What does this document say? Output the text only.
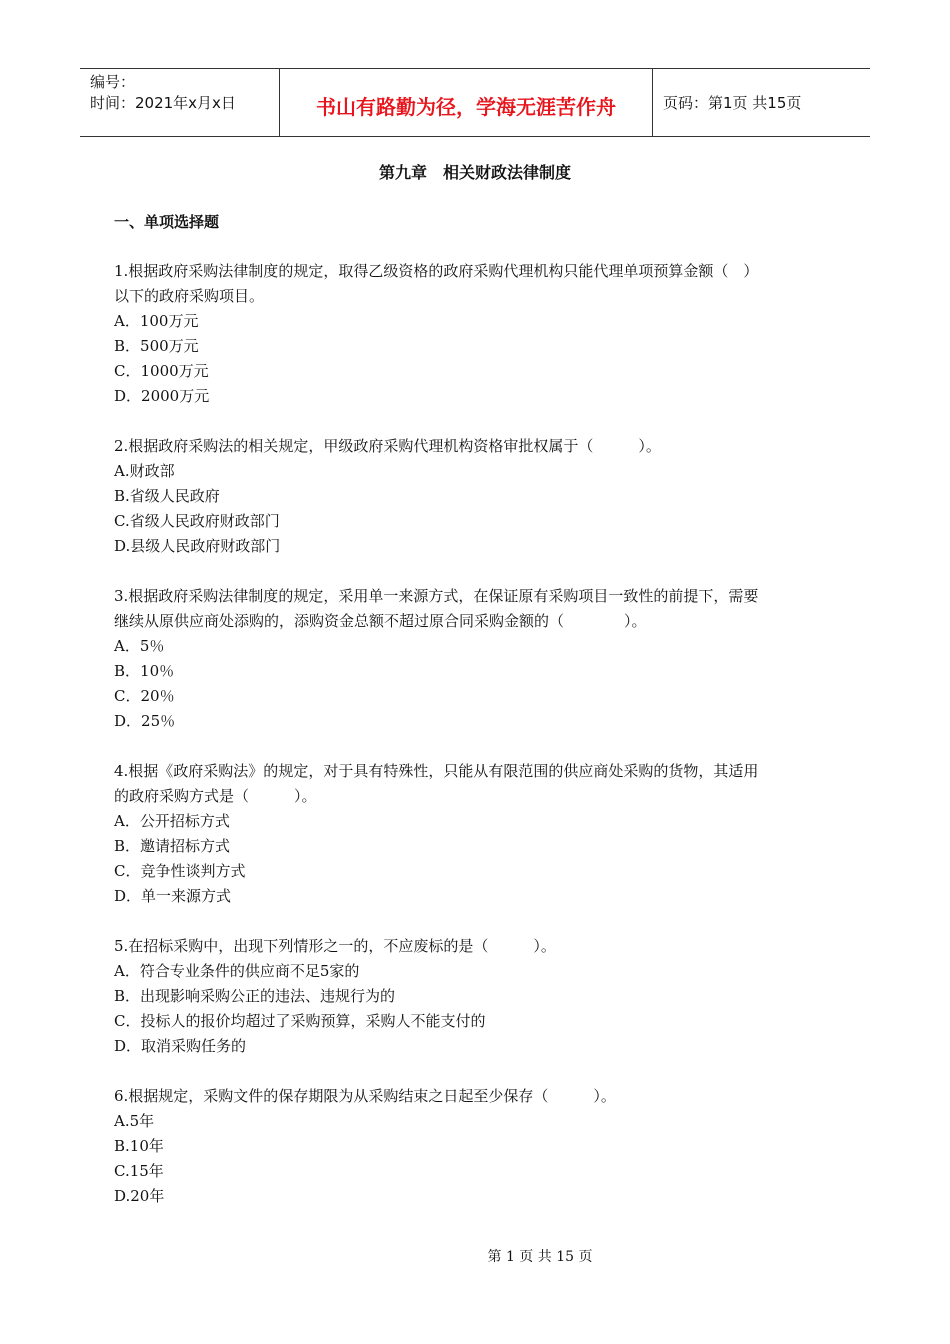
编号：
时间：2021年x月x日	书山有路勤为径，学海无涯苦作舟	页码：第1页 共15页
第九章　相关财政法律制度
一、单项选择题

1.根据政府采购法律制度的规定，取得乙级资格的政府采购代理机构只能代理单项预算金额（　）

以下的政府采购项目。

A．100万元

B．500万元

C．1000万元

D．2000万元

2.根据政府采购法的相关规定，甲级政府采购代理机构资格审批权属于（　　　）。

A.财政部

B.省级人民政府

C.省级人民政府财政部门

D.县级人民政府财政部门

3.根据政府采购法律制度的规定，采用单一来源方式，在保证原有采购项目一致性的前提下，需要

继续从原供应商处添购的，添购资金总额不超过原合同采购金额的（　　　　）。

A．5％

B．10％

C．20％

D．25％

4.根据《政府采购法》的规定，对于具有特殊性，只能从有限范围的供应商处采购的货物，其适用

的政府采购方式是（　　　）。

A．公开招标方式

B．邀请招标方式

C．竞争性谈判方式

D．单一来源方式

5.在招标采购中，出现下列情形之一的，不应废标的是（　　　）。

A．符合专业条件的供应商不足5家的

B．出现影响采购公正的违法、违规行为的

C．投标人的报价均超过了采购预算，采购人不能支付的

D．取消采购任务的

6.根据规定，采购文件的保存期限为从采购结束之日起至少保存（　　　）。

A.5年

B.10年

C.15年

D.20年

第 1 页 共 15 页
